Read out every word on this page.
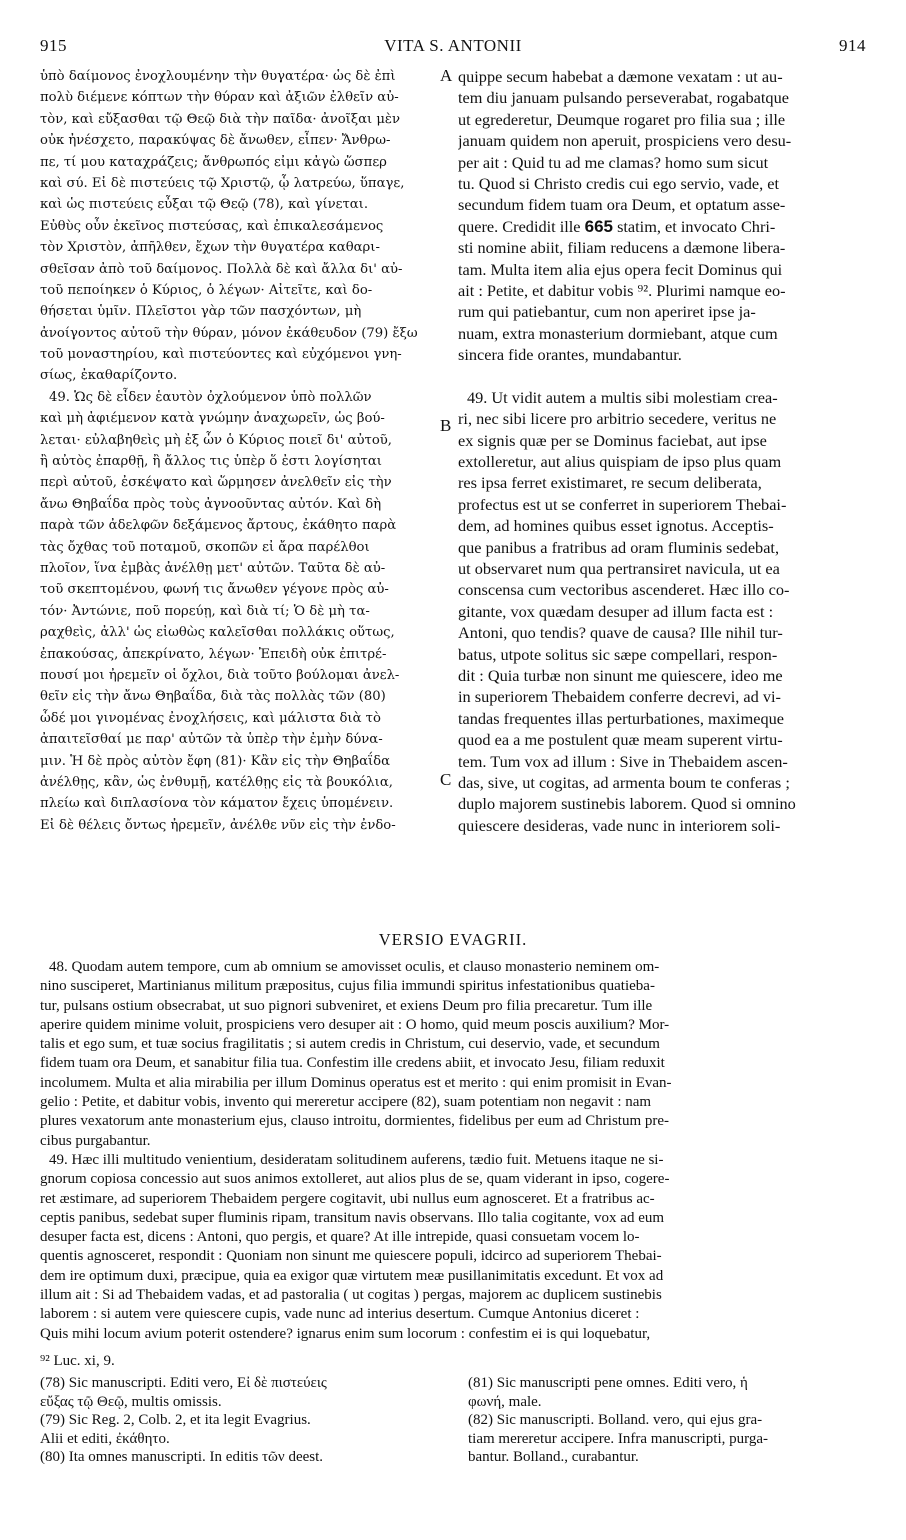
915	VITA S. ANTONII	914
ὑπὸ δαίμονος ἐνοχλουμένην τὴν θυγατέρα· ὡς δὲ ἐπὶ
πολὺ διέμενε κόπτων τὴν θύραν καὶ ἀξιῶν ἐλθεῖν αὐ-
τὸν, καὶ εὔξασθαι τῷ Θεῷ διὰ τὴν παῖδα· ἀνοῖξαι μὲν
οὐκ ἠνέσχετο, παρακύψας δὲ ἄνωθεν, εἶπεν· Ἄνθρω-
πε, τί μου καταχράζεις; ἄνθρωπός εἰμι κἀγὼ ὥσπερ
καὶ σύ. Εἰ δὲ πιστεύεις τῷ Χριστῷ, ᾧ λατρεύω, ὕπαγε,
καὶ ὡς πιστεύεις εὖξαι τῷ Θεῷ (78), καὶ γίνεται.
Εὐθὺς οὖν ἐκεῖνος πιστεύσας, καὶ ἐπικαλεσάμενος
τὸν Χριστὸν, ἀπῆλθεν, ἔχων τὴν θυγατέρα καθαρι-
σθεῖσαν ἀπὸ τοῦ δαίμονος. Πολλὰ δὲ καὶ ἄλλα δι' αὐ-
τοῦ πεποίηκεν ὁ Κύριος, ὁ λέγων· Αἰτεῖτε, καὶ δο-
θήσεται ὑμῖν. Πλεῖστοι γὰρ τῶν πασχόντων, μὴ
ἀνοίγοντος αὐτοῦ τὴν θύραν, μόνον ἐκάθευδον (79) ἔξω
τοῦ μοναστηρίου, καὶ πιστεύοντες καὶ εὐχόμενοι γνη-
σίως, ἐκαθαρίζοντο.
49. Ὡς δὲ εἶδεν ἑαυτὸν ὀχλούμενον ὑπὸ πολλῶν
καὶ μὴ ἀφιέμενον κατὰ γνώμην ἀναχωρεῖν, ὡς βού-
λεται· εὐλαβηθεὶς μὴ ἐξ ὧν ὁ Κύριος ποιεῖ δι' αὐτοῦ,
ἢ αὐτὸς ἐπαρθῇ, ἢ ἄλλος τις ὑπὲρ ὅ ἐστι λογίσηται
περὶ αὐτοῦ, ἐσκέψατο καὶ ὥρμησεν ἀνελθεῖν εἰς τὴν
ἄνω Θηβαΐδα πρὸς τοὺς ἀγνοοῦντας αὐτόν. Καὶ δὴ
παρὰ τῶν ἀδελφῶν δεξάμενος ἄρτους, ἐκάθητο παρὰ
τὰς ὄχθας τοῦ ποταμοῦ, σκοπῶν εἰ ἄρα παρέλθοι
πλοῖον, ἵνα ἐμβὰς ἀνέλθῃ μετ' αὐτῶν. Ταῦτα δὲ αὐ-
τοῦ σκεπτομένου, φωνή τις ἄνωθεν γέγονε πρὸς αὐ-
τόν· Ἀντώνιε, ποῦ πορεύῃ, καὶ διὰ τί; Ὁ δὲ μὴ τα-
ραχθεὶς, ἀλλ' ὡς εἰωθὼς καλεῖσθαι πολλάκις οὕτως,
ἐπακούσας, ἀπεκρίνατο, λέγων· Ἐπειδὴ οὐκ ἐπιτρέ-
πουσί μοι ἠρεμεῖν οἱ ὄχλοι, διὰ τοῦτο βούλομαι ἀνελ-
θεῖν εἰς τὴν ἄνω Θηβαΐδα, διὰ τὰς πολλὰς τῶν (80)
ὧδέ μοι γινομένας ἐνοχλήσεις, καὶ μάλιστα διὰ τὸ
ἀπαιτεῖσθαί με παρ' αὐτῶν τὰ ὑπὲρ τὴν ἐμὴν δύνα-
μιν. Ἡ δὲ πρὸς αὐτὸν ἔφη (81)· Κἂν εἰς τὴν Θηβαΐδα
ἀνέλθῃς, κἂν, ὡς ἐνθυμῇ, κατέλθῃς εἰς τὰ βουκόλια,
πλείω καὶ διπλασίονα τὸν κάματον ἔχεις ὑπομένειν.
Εἰ δὲ θέλεις ὄντως ἠρεμεῖν, ἀνέλθε νῦν εἰς τὴν ἐνδο-
quippe secum habebat a dæmone vexatam : ut au-
tem diu januam pulsando perseverabat, rogabatque
ut egrederetur, Deumque rogaret pro filia sua ; ille
januam quidem non aperuit, prospiciens vero desu-
per ait : Quid tu ad me clamas? homo sum sicut
tu. Quod si Christo credis cui ego servio, vade, et
secundum fidem tuam ora Deum, et optatum asse-
quere. Credidit ille 665 statim, et invocato Chri-
sti nomine abiit, filiam reducens a dæmone libera-
tam. Multa item alia ejus opera fecit Dominus qui
ait : Petite, et dabitur vobis ⁹². Plurimi namque eo-
rum qui patiebantur, cum non aperiret ipse ja-
nuam, extra monasterium dormiebant, atque cum
sincera fide orantes, mundabantur.
49. Ut vidit autem a multis sibi molestiam crea-
ri, nec sibi licere pro arbitrio secedere, veritus ne
ex signis quæ per se Dominus faciebat, aut ipse
extolleretur, aut alius quispiam de ipso plus quam
res ipsa ferret existimaret, re secum deliberata,
profectus est ut se conferret in superiorem Thebai-
dem, ad homines quibus esset ignotus. Acceptis-
que panibus a fratribus ad oram fluminis sedebat,
ut observaret num qua pertransiret navicula, ut ea
conscensa cum vectoribus ascenderet. Hæc illo co-
gitante, vox quædam desuper ad illum facta est :
Antoni, quo tendis? quave de causa? Ille nihil tur-
batus, utpote solitus sic sæpe compellari, respon-
dit : Quia turbæ non sinunt me quiescere, ideo me
in superiorem Thebaidem conferre decrevi, ad vi-
tandas frequentes illas perturbationes, maximeque
quod ea a me postulent quæ meam superent virtu-
tem. Tum vox ad illum : Sive in Thebaidem ascen-
das, sive, ut cogitas, ad armenta boum te conferas ;
duplo majorem sustinebis laborem. Quod si omnino
quiescere desideras, vade nunc in interiorem soli-
A
B
C
VERSIO EVAGRII.
48. Quodam autem tempore, cum ab omnium se amovisset oculis, et clauso monasterio neminem om-
nino susciperet, Martinianus militum præpositus, cujus filia immundi spiritus infestationibus quatieba-
tur, pulsans ostium obsecrabat, ut suo pignori subveniret, et exiens Deum pro filia precaretur. Tum ille
aperire quidem minime voluit, prospiciens vero desuper ait : O homo, quid meum poscis auxilium? Mor-
talis et ego sum, et tuæ socius fragilitatis ; si autem credis in Christum, cui deservio, vade, et secundum
fidem tuam ora Deum, et sanabitur filia tua. Confestim ille credens abiit, et invocato Jesu, filiam reduxit
incolumem. Multa et alia mirabilia per illum Dominus operatus est et merito : qui enim promisit in Evan-
gelio : Petite, et dabitur vobis, invento qui mereretur accipere (82), suam potentiam non negavit : nam
plures vexatorum ante monasterium ejus, clauso introitu, dormientes, fidelibus per eum ad Christum pre-
cibus purgabantur.
49. Hæc illi multitudo venientium, desideratam solitudinem auferens, tædio fuit. Metuens itaque ne si-
gnorum copiosa concessio aut suos animos extolleret, aut alios plus de se, quam viderant in ipso, cogere-
ret æstimare, ad superiorem Thebaidem pergere cogitavit, ubi nullus eum agnosceret. Et a fratribus ac-
ceptis panibus, sedebat super fluminis ripam, transitum navis observans. Illo talia cogitante, vox ad eum
desuper facta est, dicens : Antoni, quo pergis, et quare? At ille intrepide, quasi consuetam vocem lo-
quentis agnosceret, respondit : Quoniam non sinunt me quiescere populi, idcirco ad superiorem Thebai-
dem ire optimum duxi, præcipue, quia ea exigor quæ virtutem meæ pusillanimitatis excedunt. Et vox ad
illum ait : Si ad Thebaidem vadas, et ad pastoralia ( ut cogitas ) pergas, majorem ac duplicem sustinebis
laborem : si autem vere quiescere cupis, vade nunc ad interius desertum. Cumque Antonius diceret :
Quis mihi locum avium poterit ostendere? ignarus enim sum locorum : confestim ei is qui loquebatur,
⁹² Luc. xi, 9.
(78) Sic manuscripti. Editi vero, Εἰ δὲ πιστεύεις
εὔξας τῷ Θεῷ, multis omissis.
(79) Sic Reg. 2, Colb. 2, et ita legit Evagrius.
Alii et editi, ἐκάθητο.
(80) Ita omnes manuscripti. In editis τῶν deest.
(81) Sic manuscripti pene omnes. Editi vero, ἡ
φωνή, male.
(82) Sic manuscripti. Bolland. vero, qui ejus gra-
tiam mereretur accipere. Infra manuscripti, purga-
bantur. Bolland., curabantur.
